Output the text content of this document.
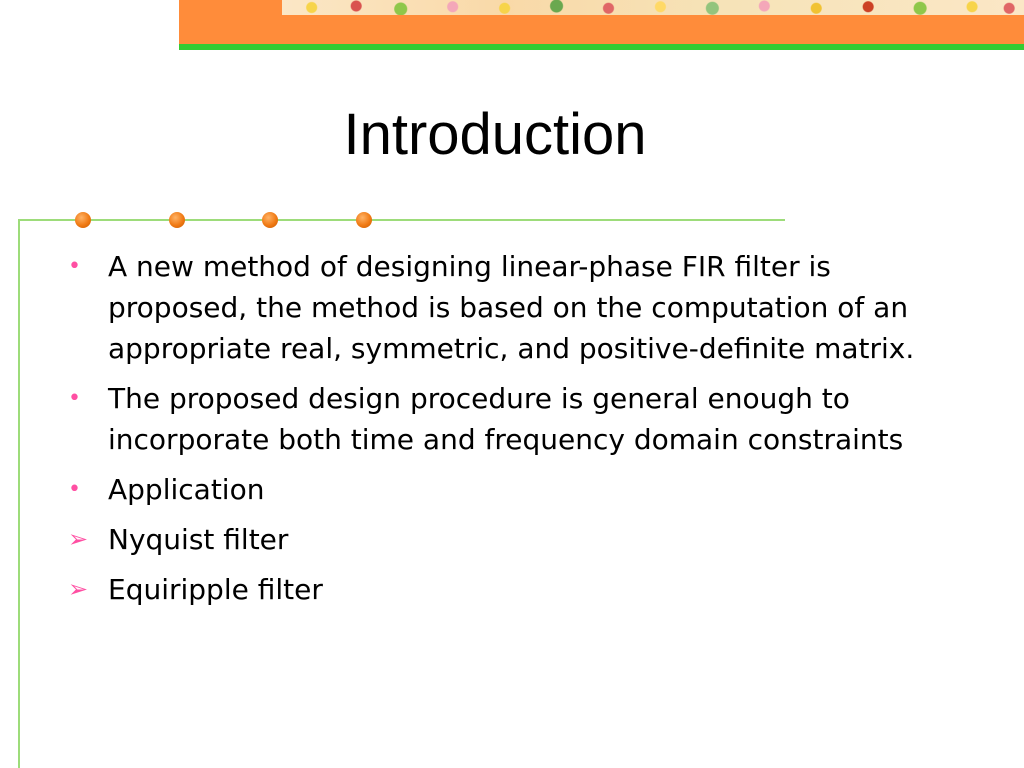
Introduction
• A new method of designing linear-phase FIR filter is proposed, the method is based on the computation of an appropriate real, symmetric, and positive-definite matrix.
• The proposed design procedure is general enough to incorporate both time and frequency domain constraints
• Application
➢ Nyquist filter
➢ Equiripple filter
